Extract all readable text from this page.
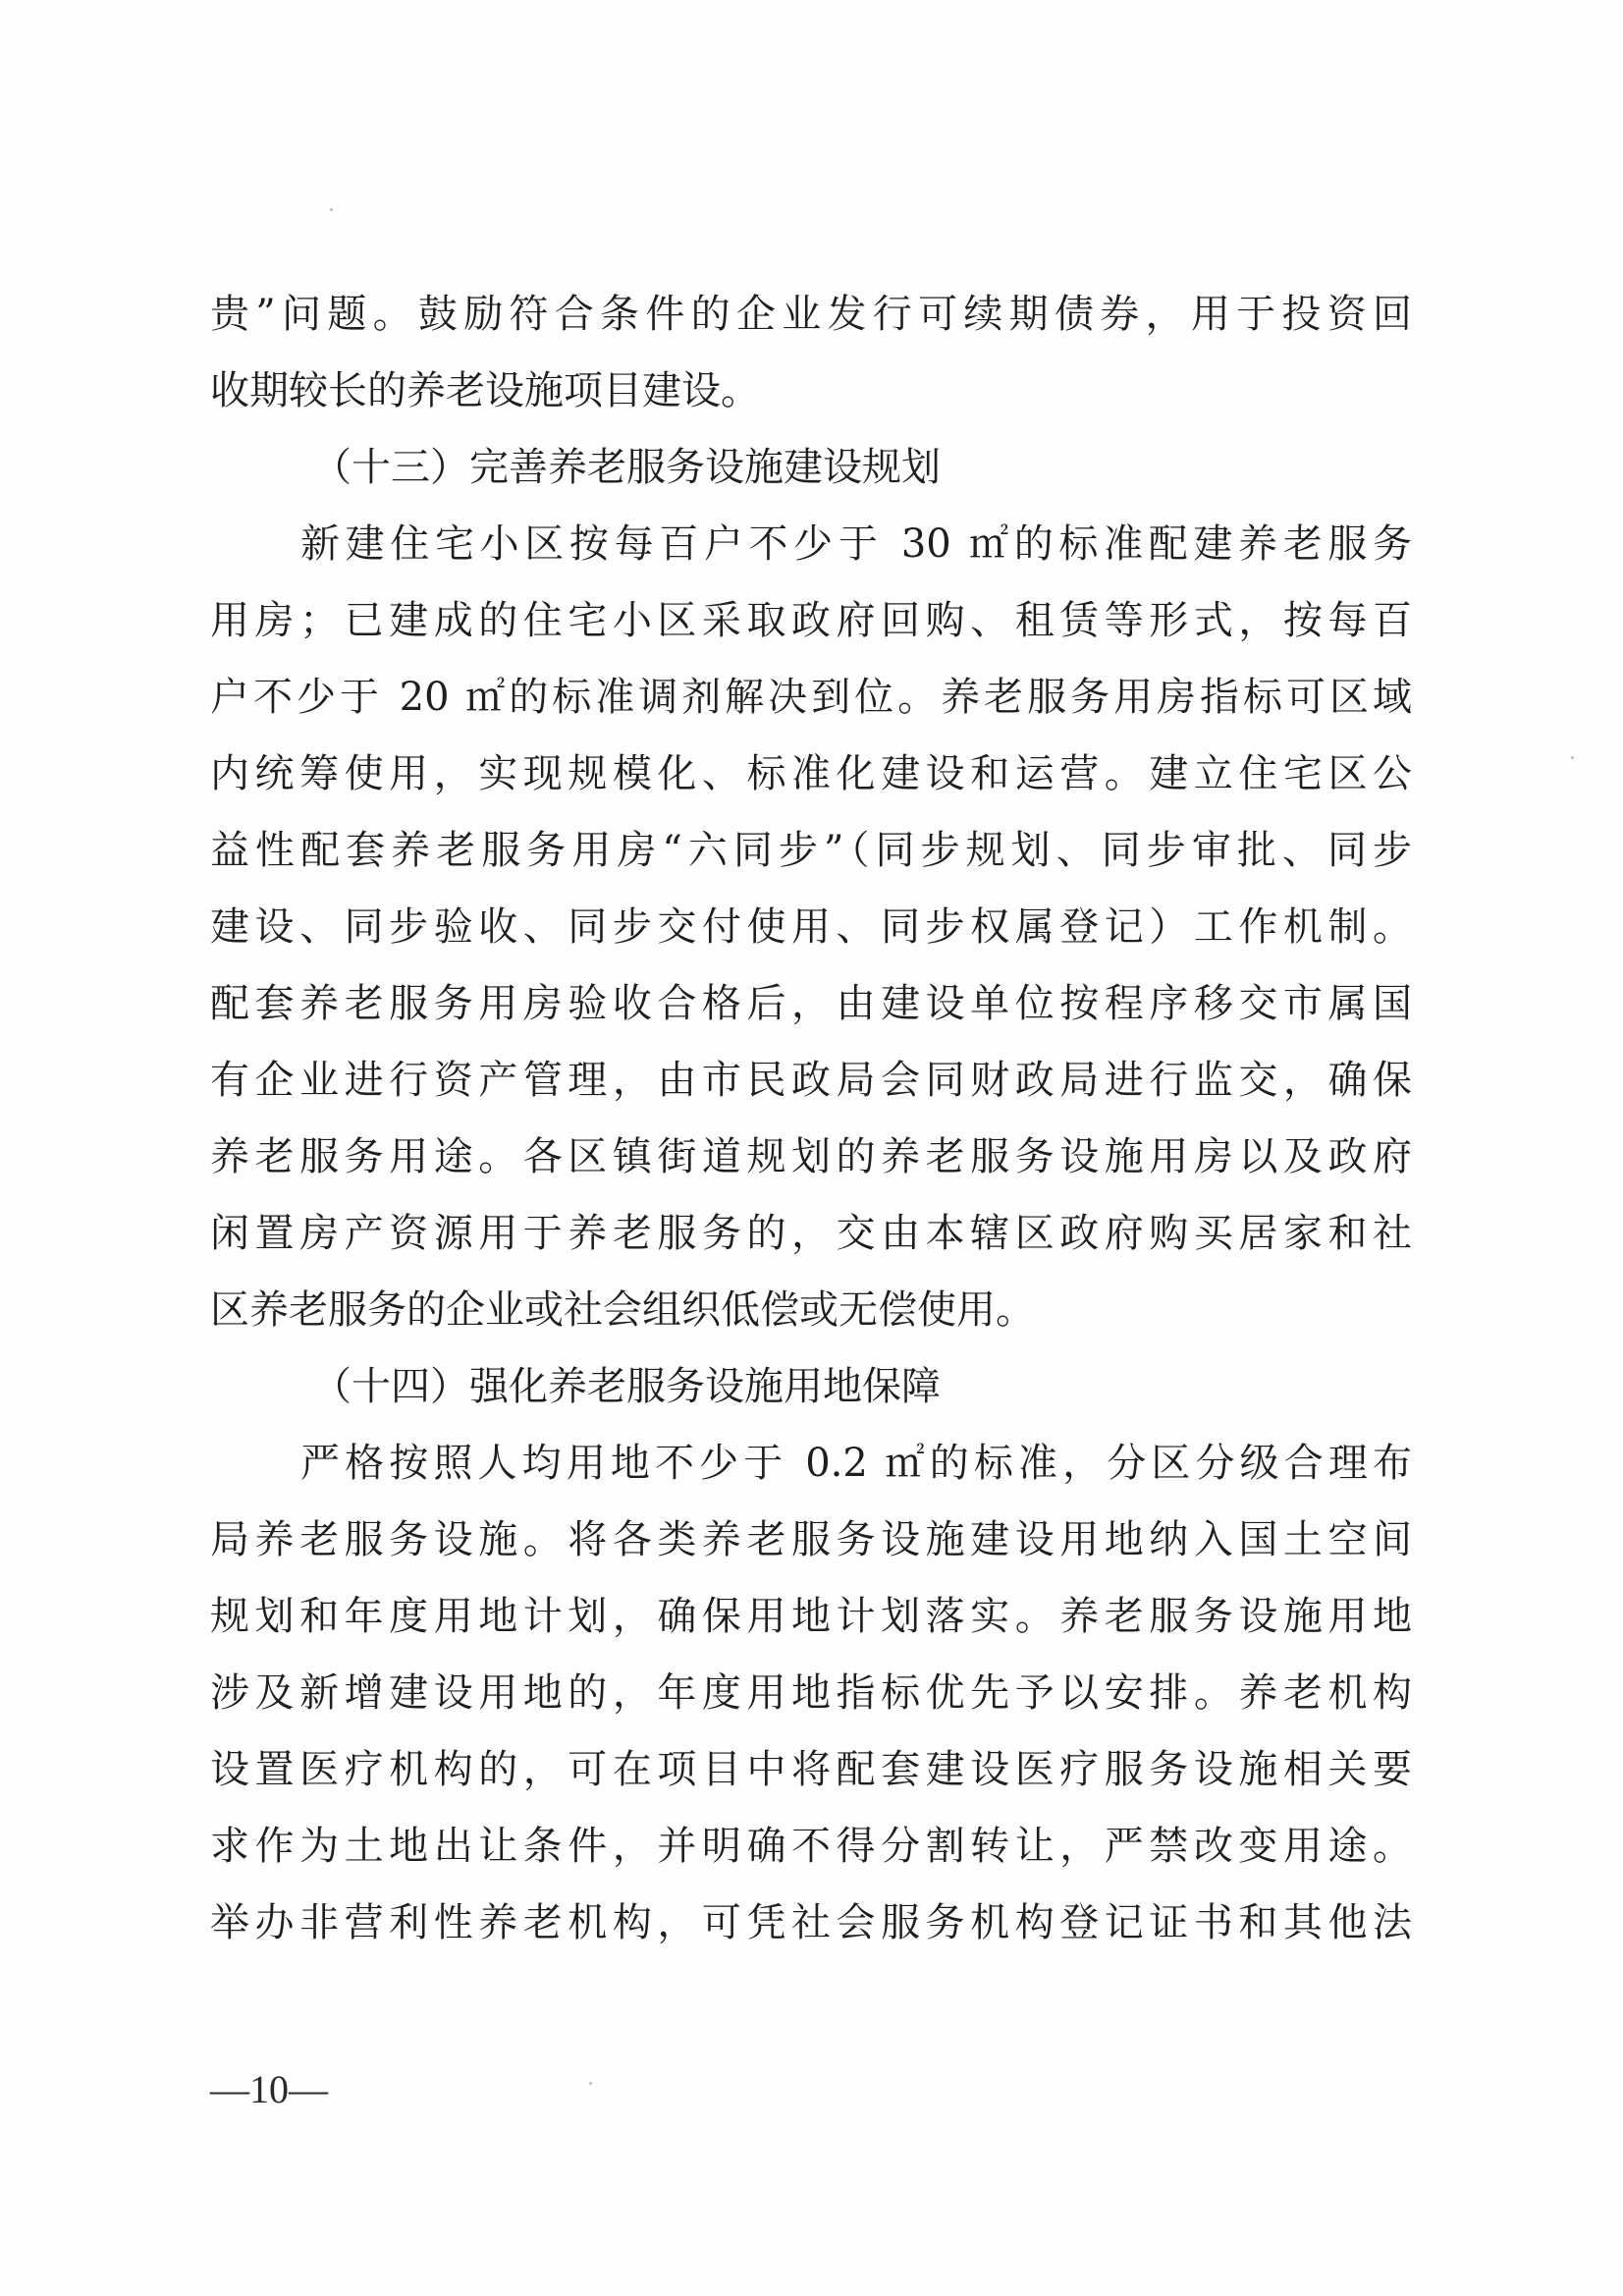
贵”问题。鼓励符合条件的企业发行可续期债券，用于投资回
收期较长的养老设施项目建设。
（十三）完善养老服务设施建设规划
新建住宅小区按每百户不少于 30 ㎡的标准配建养老服务
用房；已建成的住宅小区采取政府回购、租赁等形式，按每百
户不少于 20 ㎡的标准调剂解决到位。养老服务用房指标可区域
内统筹使用，实现规模化、标准化建设和运营。建立住宅区公
益性配套养老服务用房“六同步”（同步规划、同步审批、同步
建设、同步验收、同步交付使用、同步权属登记）工作机制。
配套养老服务用房验收合格后，由建设单位按程序移交市属国
有企业进行资产管理，由市民政局会同财政局进行监交，确保
养老服务用途。各区镇街道规划的养老服务设施用房以及政府
闲置房产资源用于养老服务的，交由本辖区政府购买居家和社
区养老服务的企业或社会组织低偿或无偿使用。
（十四）强化养老服务设施用地保障
严格按照人均用地不少于 0.2 ㎡的标准，分区分级合理布
局养老服务设施。将各类养老服务设施建设用地纳入国土空间
规划和年度用地计划，确保用地计划落实。养老服务设施用地
涉及新增建设用地的，年度用地指标优先予以安排。养老机构
设置医疗机构的，可在项目中将配套建设医疗服务设施相关要
求作为土地出让条件，并明确不得分割转让，严禁改变用途。
举办非营利性养老机构，可凭社会服务机构登记证书和其他法
—10—
